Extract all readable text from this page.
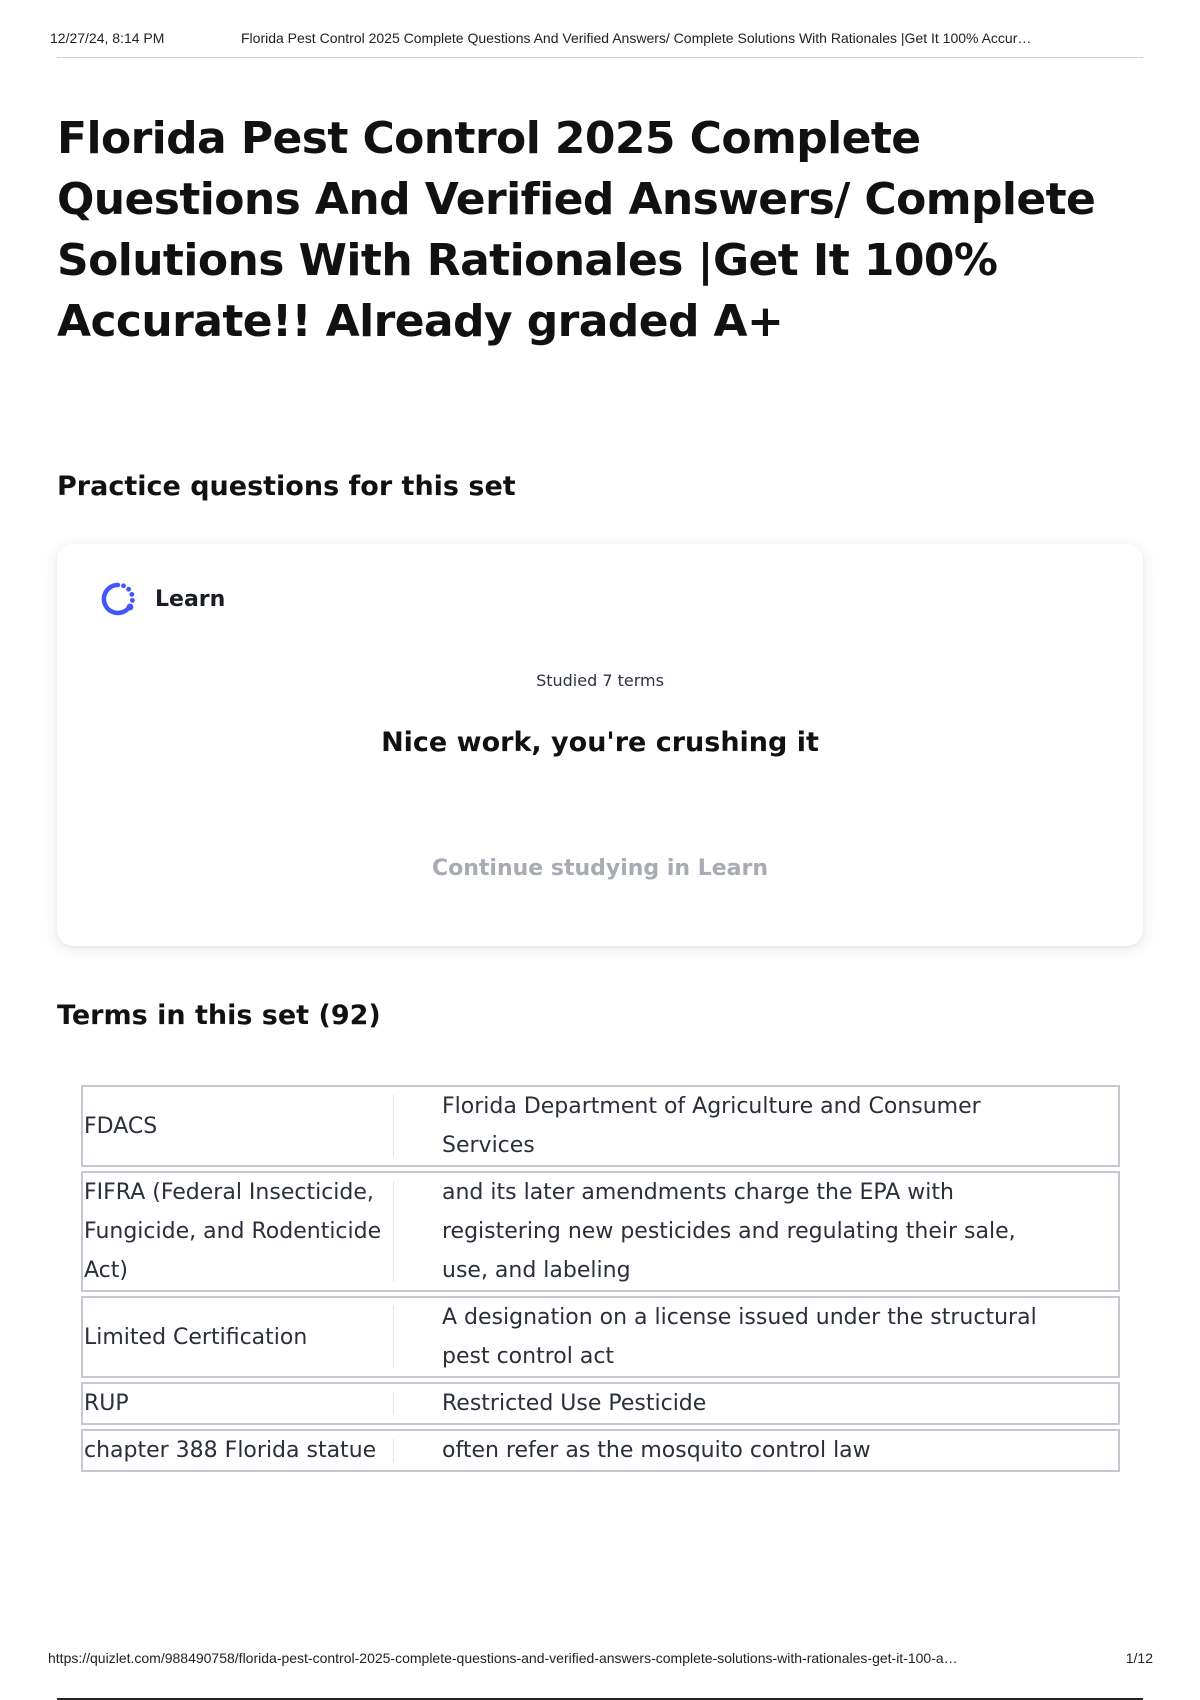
12/27/24, 8:14 PM	Florida Pest Control 2025 Complete Questions And Verified Answers/ Complete Solutions With Rationales |Get It 100% Accur…
Florida Pest Control 2025 Complete Questions And Verified Answers/ Complete Solutions With Rationales |Get It 100% Accurate!! Already graded A+
Practice questions for this set
Learn
Studied 7 terms
Nice work, you're crushing it
Continue studying in Learn
Terms in this set (92)
FDACS	Florida Department of Agriculture and Consumer Services

FIFRA (Federal Insecticide, Fungicide, and Rodenticide Act)	and its later amendments charge the EPA with registering new pesticides and regulating their sale, use, and labeling

Limited Certification	A designation on a license issued under the structural pest control act

RUP	Restricted Use Pesticide

chapter 388 Florida statue	often refer as the mosquito control law
https://quizlet.com/988490758/florida-pest-control-2025-complete-questions-and-verified-answers-complete-solutions-with-rationales-get-it-100-a…	1/12
